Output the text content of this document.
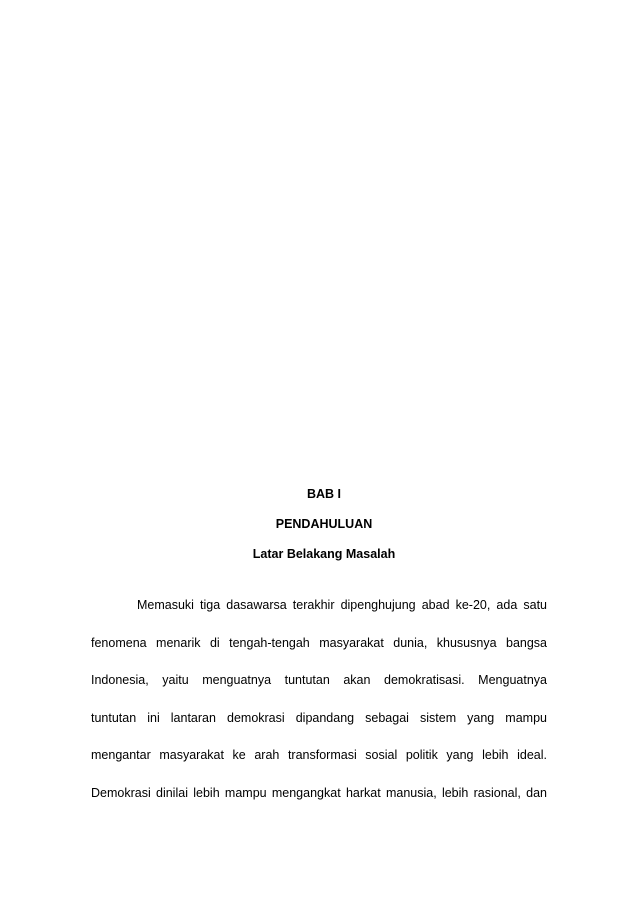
BAB I
PENDAHULUAN
Latar Belakang Masalah
Memasuki tiga dasawarsa terakhir dipenghujung abad ke-20, ada satu
fenomena menarik di tengah-tengah masyarakat dunia, khususnya bangsa
Indonesia, yaitu menguatnya tuntutan akan demokratisasi. Menguatnya
tuntutan ini lantaran demokrasi dipandang sebagai sistem yang mampu
mengantar masyarakat ke arah transformasi sosial politik yang lebih ideal.
Demokrasi dinilai lebih mampu mengangkat harkat manusia, lebih rasional, dan
